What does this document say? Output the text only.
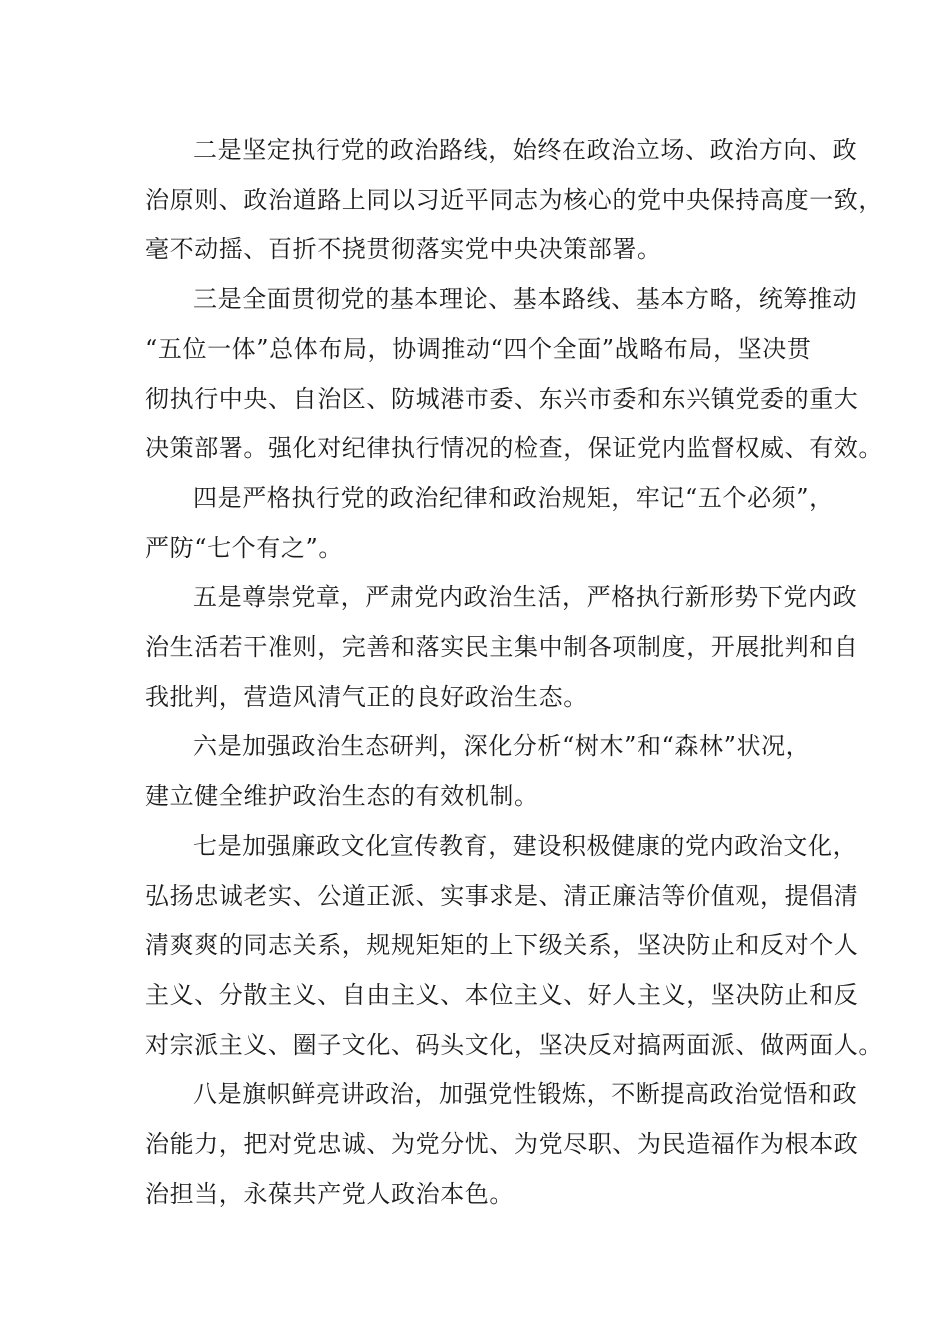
二是坚定执行党的政治路线，始终在政治立场、政治方向、政
治原则、政治道路上同以习近平同志为核心的党中央保持高度一致，
毫不动摇、百折不挠贯彻落实党中央决策部署。
三是全面贯彻党的基本理论、基本路线、基本方略，统筹推动
“五位一体”总体布局，协调推动“四个全面”战略布局，坚决贯
彻执行中央、自治区、防城港市委、东兴市委和东兴镇党委的重大
决策部署。强化对纪律执行情况的检查，保证党内监督权威、有效。
四是严格执行党的政治纪律和政治规矩，牢记“五个必须”，
严防“七个有之”。
五是尊崇党章，严肃党内政治生活，严格执行新形势下党内政
治生活若干准则，完善和落实民主集中制各项制度，开展批判和自
我批判，营造风清气正的良好政治生态。
六是加强政治生态研判，深化分析“树木”和“森林”状况，
建立健全维护政治生态的有效机制。
七是加强廉政文化宣传教育，建设积极健康的党内政治文化，
弘扬忠诚老实、公道正派、实事求是、清正廉洁等价值观，提倡清
清爽爽的同志关系，规规矩矩的上下级关系，坚决防止和反对个人
主义、分散主义、自由主义、本位主义、好人主义，坚决防止和反
对宗派主义、圈子文化、码头文化，坚决反对搞两面派、做两面人。
八是旗帜鲜亮讲政治，加强党性锻炼，不断提高政治觉悟和政
治能力，把对党忠诚、为党分忧、为党尽职、为民造福作为根本政
治担当，永葆共产党人政治本色。
